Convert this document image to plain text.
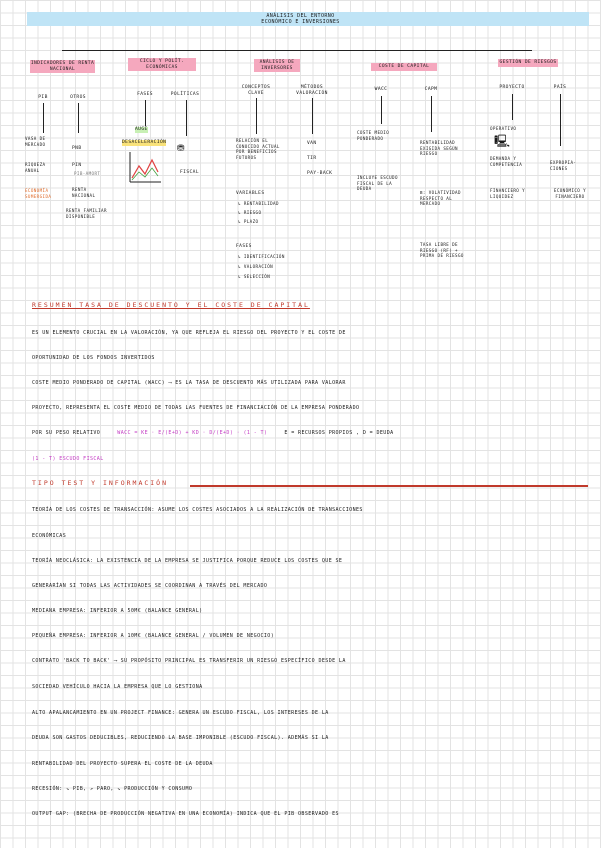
ANÁLISIS DEL ENTORNO
ECONÓMICO E INVERSIONES
INDICADORES DE RENTA NACIONAL
PIB	OTROS
VASA DE MERCADO
RIQUEZA ANUAL
ECONOMÍA SUMERGIDA
PNB
PIN
PIB-AMORT
RENTA NACIONAL
RENTA FAMILIAR DISPONIBLE
CICLO Y POLÍT. ECONÓMICAS
FASES	POLÍTICAS
AUGE
DESACELERACIÓN
⛃
FISCAL
ANÁLISIS DE INVERSORES
CONCEPTOS CLAVE
MÉTODOS VALORACIÓN
RELACIÓN EL CONOCIDO ACTUAL POR BENEFICIOS FUTUROS
VAN
TIR
PAY-BACK
VARIABLES
↳ RENTABILIDAD
↳ RIESGO
↳ PLAZO
FASES
↳ IDENTIFICACIÓN
↳ VALORACIÓN
↳ SELECCIÓN
COSTE DE CAPITAL
WACC	CAPM
COSTE MEDIO PONDERADO
INCLUYE ESCUDO FISCAL DE LA DEUDA
RENTABILIDAD EXIGIDA SEGÚN RIESGO
Β: VOLATIVIDAD RESPECTO AL MERCADO
TASA LIBRE DE RIESGO (RF) + PRIMA DE RIESGO
GESTIÓN DE RIESGOS
PROYECTO	PAÍS
OPERATIVO
🖳
DEMANDA Y COMPETENCIA
FINANCIERO Y LIQUIDEZ
EXPROPIA-CIONES
ECONÓMICO Y FINANCIERO
RESUMEN TASA DE DESCUENTO Y EL COSTE DE CAPITAL
ES UN ELEMENTO CRUCIAL EN LA VALORACIÓN, YA QUE REFLEJA EL RIESGO DEL PROYECTO Y EL COSTE DE
OPORTUNIDAD DE LOS FONDOS INVERTIDOS
COSTE MEDIO PONDERADO DE CAPITAL (WACC) ⟶ ES LA TASA DE DESCUENTO MÁS UTILIZADA PARA VALORAR
PROYECTO, REPRESENTA EL COSTE MEDIO DE TODAS LAS FUENTES DE FINANCIACIÓN DE LA EMPRESA PONDERADO
POR SU PESO RELATIVO	WACC = KE · E/(E+D) + KD · D/(E+D) · (1 - T)	E = RECURSOS PROPIOS , D = DEUDA
(1 - T) ESCUDO FISCAL
TIPO TEST Y INFORMACIÓN
TEORÍA DE LOS COSTES DE TRANSACCIÓN: ASUME LOS COSTES ASOCIADOS A LA REALIZACIÓN DE TRANSACCIONES
ECONÓMICAS
TEORÍA NEOCLÁSICA: LA EXISTENCIA DE LA EMPRESA SE JUSTIFICA PORQUE REDUCE LOS COSTES QUE SE
GENERARÍAN SI TODAS LAS ACTIVIDADES SE COORDINAN A TRAVÉS DEL MERCADO
MEDIANA EMPRESA: INFERIOR A 50M€ (BALANCE GENERAL)
PEQUEÑA EMPRESA: INFERIOR A 10M€ (BALANCE GENERAL / VOLUMEN DE NEGOCIO)
CONTRATO 'BACK TO BACK' ⟶ SU PROPÓSITO PRINCIPAL ES TRANSFERIR UN RIESGO ESPECÍFICO DESDE LA
SOCIEDAD VEHÍCULO HACIA LA EMPRESA QUE LO GESTIONA
ALTO APALANCAMIENTO EN UN PROJECT FINANCE: GENERA UN ESCUDO FISCAL, LOS INTERESES DE LA
DEUDA SON GASTOS DEDUCIBLES, REDUCIENDO LA BASE IMPONIBLE (ESCUDO FISCAL). ADEMÁS SI LA
RENTABILIDAD DEL PROYECTO SUPERA EL COSTE DE LA DEUDA
RECESIÓN: ↘ PIB, ↗ PARO, ↘ PRODUCCIÓN Y CONSUMO
OUTPUT GAP: (BRECHA DE PRODUCCIÓN NEGATIVA EN UNA ECONOMÍA) INDICA QUE EL PIB OBSERVADO ES
